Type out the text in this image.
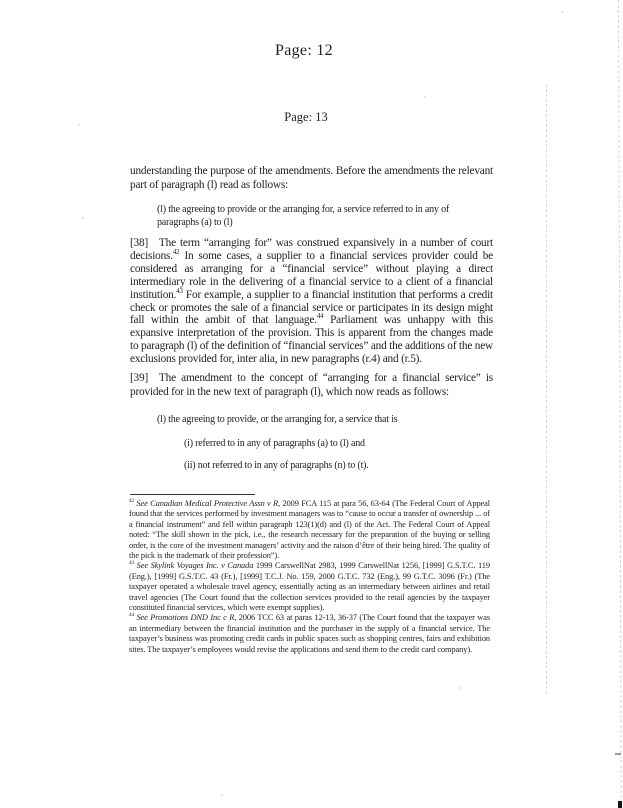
Page: 12
Page: 13

understanding the purpose of the amendments. Before the amendments the relevant part of paragraph (l) read as follows:

(l) the agreeing to provide or the arranging for, a service referred to in any of paragraphs (a) to (l)

[38]  The term “arranging for” was construed expansively in a number of court decisions.$^{42}$ In some cases, a supplier to a financial services provider could be considered as arranging for a “financial service” without playing a direct intermediary role in the delivering of a financial service to a client of a financial institution.$^{43}$ For example, a supplier to a financial institution that performs a credit check or promotes the sale of a financial service or participates in its design might fall within the ambit of that language.$^{44}$ Parliament was unhappy with this expansive interpretation of the provision. This is apparent from the changes made to paragraph (l) of the definition of “financial services” and the additions of the new exclusions provided for, inter alia, in new paragraphs (r.4) and (r.5).

[39]  The amendment to the concept of “arranging for a financial service” is provided for in the new text of paragraph (l), which now reads as follows:

(l) the agreeing to provide, or the arranging for, a service that is

(i) referred to in any of paragraphs (a) to (l) and

(ii) not referred to in any of paragraphs (n) to (t).

$^{42}$ See Canadian Medical Protective Assn v R, 2009 FCA 115 at para 56, 63-64 (The Federal Court of Appeal found that the services performed by investment managers was to “cause to occur a transfer of ownership ... of a financial instrument” and fell within paragraph 123(1)(d) and (l) of the Act. The Federal Court of Appeal noted: “The skill shown in the pick, i.e., the research necessary for the preparation of the buying or selling order, is the core of the investment managers’ activity and the raison d’être of their being hired. The quality of the pick is the trademark of their profession”).

$^{43}$ See Skylink Voyages Inc. v Canada 1999 CarswellNat 2983, 1999 CarswellNat 1256, [1999] G.S.T.C. 119 (Eng.), [1999] G.S.T.C. 43 (Fr.), [1999] T.C.J. No. 159, 2000 G.T.C. 732 (Eng.), 99 G.T.C. 3096 (Fr.) (The taxpayer operated a wholesale travel agency, essentially acting as an intermediary between airlines and retail travel agencies (The Court found that the collection services provided to the retail agencies by the taxpayer constituted financial services, which were exempt supplies).

$^{44}$ See Promotions DND Inc c R, 2006 TCC 63 at paras 12-13, 36-37 (The Court found that the taxpayer was an intermediary between the financial institution and the purchaser in the supply of a financial service. The taxpayer’s business was promoting credit cards in public spaces such as shopping centres, fairs and exhibition sites. The taxpayer’s employees would revise the applications and send them to the credit card company).
